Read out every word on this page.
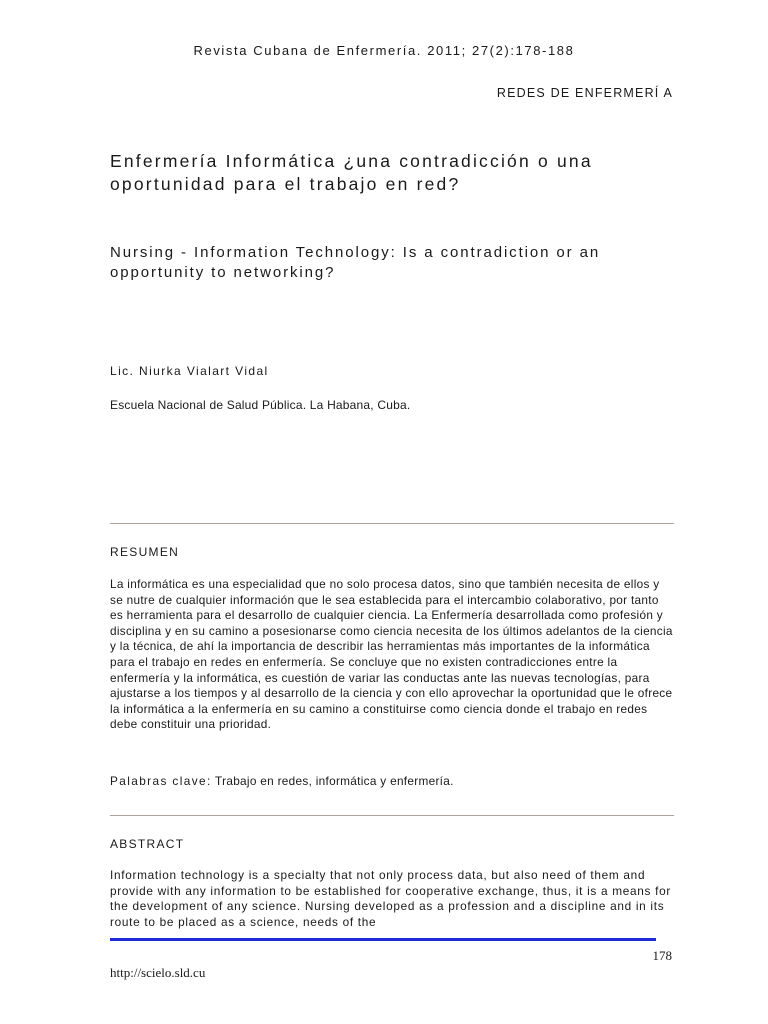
Revista Cubana de Enfermería. 2011; 27(2):178-188
REDES DE ENFERMERÍ A
Enfermería Informática ¿una contradicción o una oportunidad para el trabajo en red?
Nursing - Information Technology: Is a contradiction or an opportunity to networking?
Lic. Niurka Vialart Vidal
Escuela Nacional de Salud Pública. La Habana, Cuba.
RESUMEN
La informática es una especialidad que no solo procesa datos, sino que también necesita de ellos y se nutre de cualquier información que le sea establecida para el intercambio colaborativo, por tanto es herramienta para el desarrollo de cualquier ciencia. La Enfermería desarrollada como profesión y disciplina y en su camino a posesionarse como ciencia necesita de los últimos adelantos de la ciencia y la técnica, de ahí la importancia de describir las herramientas más importantes de la informática para el trabajo en redes en enfermería. Se concluye que no existen contradicciones entre la enfermería y la informática, es cuestión de variar las conductas ante las nuevas tecnologías, para ajustarse a los tiempos y al desarrollo de la ciencia y con ello aprovechar la oportunidad que le ofrece la informática a la enfermería en su camino a constituirse como ciencia donde el trabajo en redes debe constituir una prioridad.
Palabras clave: Trabajo en redes, informática y enfermería.
ABSTRACT
Information technology is a specialty that not only process data, but also need of them and provide with any information to be established for cooperative exchange, thus, it is a means for the development of any science. Nursing developed as a profession and a discipline and in its route to be placed as a science, needs of the
178
http://scielo.sld.cu
